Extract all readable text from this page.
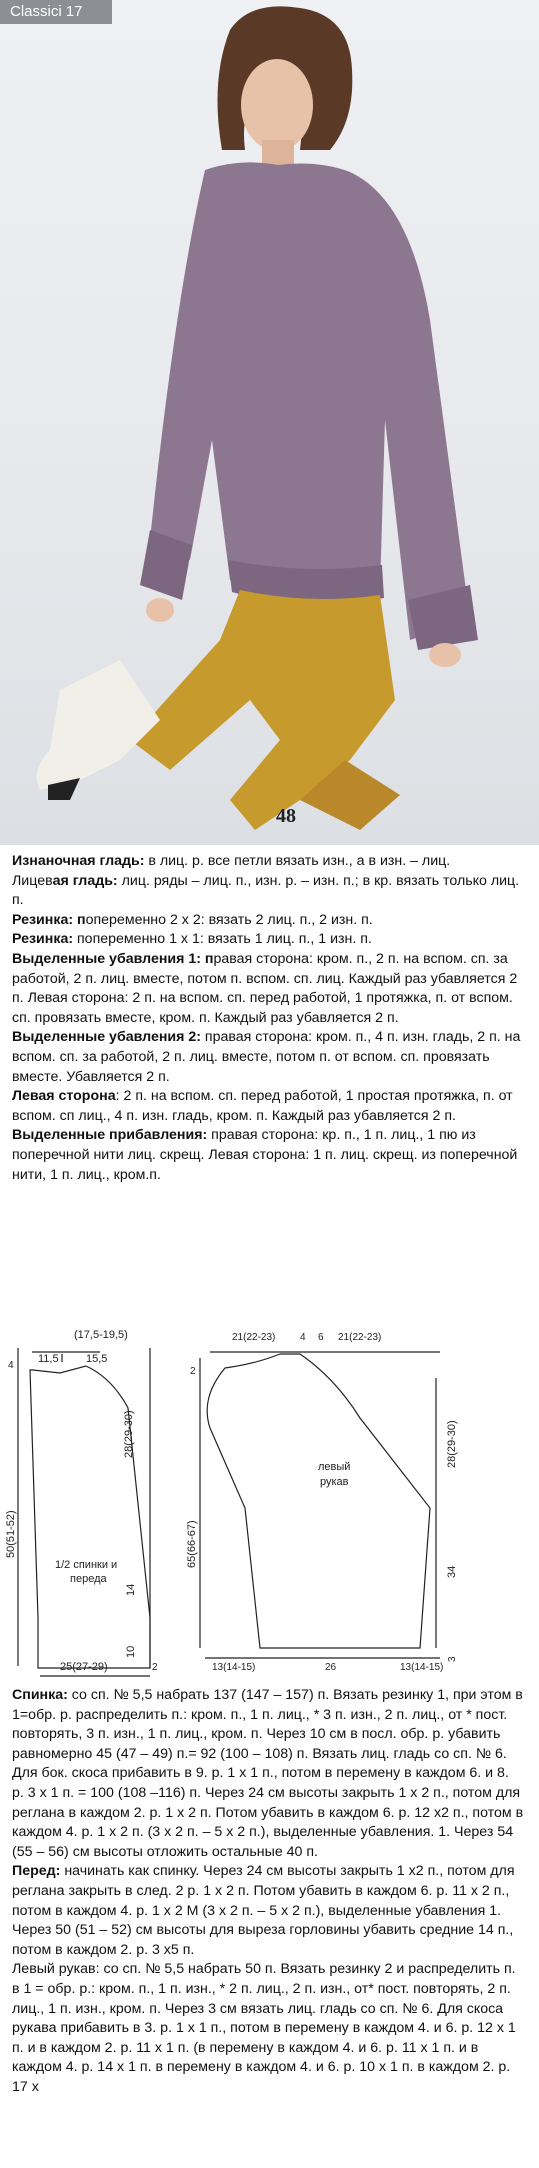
Classici 17
48

Изнаночная гладь: в лиц. р. все петли вязать изн., а в изн. – лиц.

Лицевая гладь: лиц. ряды – лиц. п., изн. р. – изн. п.; в кр. вязать только лиц. п.

Резинка: попеременно 2 х 2: вязать 2 лиц. п., 2 изн. п.

Резинка: попеременно 1 х 1: вязать 1 лиц. п., 1 изн. п.

Выделенные убавления 1: правая сторона: кром. п., 2 п. на вспом. сп. за работой, 2 п. лиц. вместе, потом п. вспом. сп. лиц. Каждый раз убавляется 2 п. Левая сторона: 2 п. на вспом. сп. перед работой, 1 протяжка, п. от вспом. сп. провязать вместе, кром. п. Каждый раз убавляется 2 п.

Выделенные убавления 2: правая сторона: кром. п., 4 п. изн. гладь, 2 п. на вспом. сп. за работой, 2 п. лиц. вместе, потом п. от вспом. сп. провязать вместе. Убавляется 2 п.

Левая сторона: 2 п. на вспом. сп. перед работой, 1 простая протяжка, п. от вспом. сп лиц., 4 п. изн. гладь, кром. п. Каждый раз убавляется 2 п.

Выделенные прибавления: правая сторона: кр. п., 1 п. лиц., 1 пю из поперечной нити лиц. скрещ. Левая сторона: 1 п. лиц. скрещ. из поперечной нити, 1 п. лиц., кром.п.

(17,5-19,5)
11,5 15,5
4
28(29-30)
50(51-52)
14
10
25(27-29)	2
1/2 спинки и
переда
21(22-23) 4 6 21(22-23)
2
65(66-67)
28(29-30)
34
3
13(14-15)	26	13(14-15)
левый
рукав

Спинка: со сп. № 5,5 набрать 137 (147 – 157) п. Вязать резинку 1, при этом в 1=обр. р. распределить п.: кром. п., 1 п. лиц., * 3 п. изн., 2 п. лиц., от * пост. повторять, 3 п. изн., 1 п. лиц., кром. п. Через 10 см в посл. обр. р. убавить равномерно 45 (47 – 49) п.= 92 (100 – 108) п. Вязать лиц. гладь со сп. № 6. Для бок. скоса прибавить в 9. р. 1 х 1 п., потом в перемену в каждом 6. и 8. р. 3 х 1 п. = 100 (108 –116) п. Через 24 см высоты закрыть 1 х 2 п., потом для реглана в каждом 2. р. 1 х 2 п. Потом убавить в каждом 6. р. 12 х2 п., потом в каждом 4. р. 1 х 2 п. (3 х 2 п. – 5 х 2 п.), выделенные убавления. 1. Через 54 (55 – 56) см высоты отложить остальные 40 п.

Перед: начинать как спинку. Через 24 см высоты закрыть 1 х2 п., потом для реглана закрыть в след. 2 р. 1 х 2 п. Потом убавить в каждом 6. р. 11 х 2 п., потом в каждом 4. р. 1 х 2 М (3 х 2 п. – 5 х 2 п.), выделенные убавления 1. Через 50 (51 – 52) см высоты для выреза горловины убавить средние 14 п., потом в каждом 2. р. 3 х5 п.

Левый рукав: со сп. № 5,5 набрать 50 п. Вязать резинку 2 и распределить п. в 1 = обр. р.: кром. п., 1 п. изн., * 2 п. лиц., 2 п. изн., от* пост. повторять, 2 п. лиц., 1 п. изн., кром. п. Через 3 см вязать лиц. гладь со сп. № 6. Для скоса рукава прибавить в 3. р. 1 х 1 п., потом в перемену в каждом 4. и 6. р. 12 х 1 п. и в каждом 2. р. 11 х 1 п. (в перемену в каждом 4. и 6. р. 11 х 1 п. и в каждом 4. р. 14 х 1 п. в перемену в каждом 4. и 6. р. 10 х 1 п. в каждом 2. р. 17 х
